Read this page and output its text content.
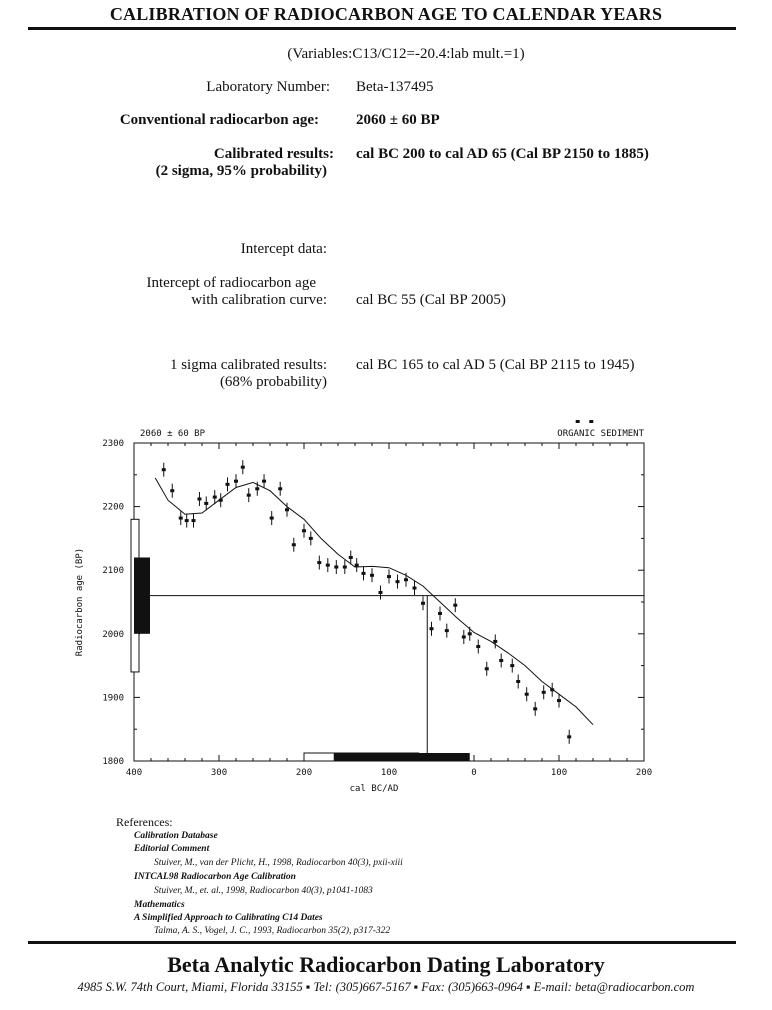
CALIBRATION OF RADIOCARBON AGE TO CALENDAR YEARS
(Variables:C13/C12=-20.4:lab mult.=1)
Laboratory Number: Beta-137495
Conventional radiocarbon age: 2060 ± 60 BP
Calibrated results:
(2 sigma, 95% probability)
cal BC 200 to cal AD 65 (Cal BP 2150 to 1885)
Intercept data:
Intercept of radiocarbon age
with calibration curve: cal BC 55 (Cal BP 2005)
1 sigma calibrated results:
(68% probability)
cal BC 165 to cal AD 5 (Cal BP 2115 to 1945)
2060 ± 60 BP	ORGANIC SEDIMENT
400	300	200	100	0	100	200
1800
1900
2000
2100
2200
2300
cal BC/AD
Radiocarbon age (BP)
References:
Calibration Database
Editorial Comment
Stuiver, M., van der Plicht, H., 1998, Radiocarbon 40(3), pxii-xiii
INTCAL98 Radiocarbon Age Calibration
Stuiver, M., et. al., 1998, Radiocarbon 40(3), p1041-1083
Mathematics
A Simplified Approach to Calibrating C14 Dates
Talma, A. S., Vogel, J. C., 1993, Radiocarbon 35(2), p317-322
Beta Analytic Radiocarbon Dating Laboratory
4985 S.W. 74th Court, Miami, Florida 33155 ▪ Tel: (305)667-5167 ▪ Fax: (305)663-0964 ▪ E-mail: beta@radiocarbon.com
